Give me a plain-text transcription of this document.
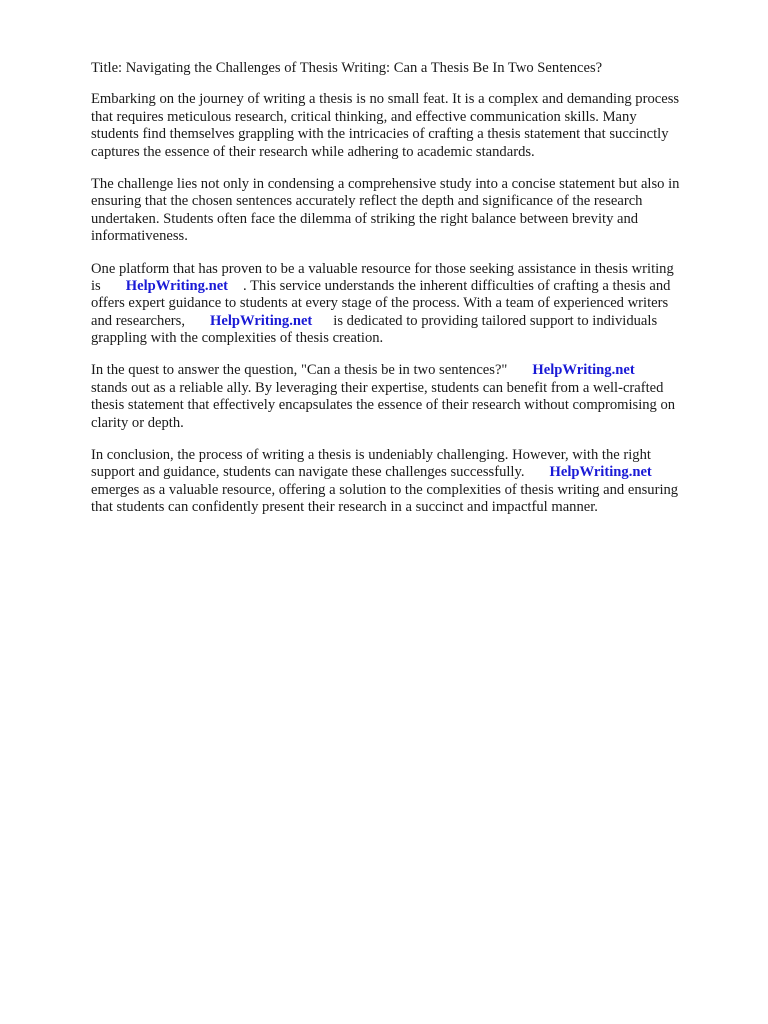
Title: Navigating the Challenges of Thesis Writing: Can a Thesis Be In Two Sentences?

Embarking on the journey of writing a thesis is no small feat. It is a complex and demanding process
that requires meticulous research, critical thinking, and effective communication skills. Many
students find themselves grappling with the intricacies of crafting a thesis statement that succinctly
captures the essence of their research while adhering to academic standards.

The challenge lies not only in condensing a comprehensive study into a concise statement but also in
ensuring that the chosen sentences accurately reflect the depth and significance of the research
undertaken. Students often face the dilemma of striking the right balance between brevity and
informativeness.

One platform that has proven to be a valuable resource for those seeking assistance in thesis writing
is HelpWriting.net . This service understands the inherent difficulties of crafting a thesis and
offers expert guidance to students at every stage of the process. With a team of experienced writers
and researchers, HelpWriting.net is dedicated to providing tailored support to individuals
grappling with the complexities of thesis creation.

In the quest to answer the question, "Can a thesis be in two sentences?" HelpWriting.net
stands out as a reliable ally. By leveraging their expertise, students can benefit from a well-crafted
thesis statement that effectively encapsulates the essence of their research without compromising on
clarity or depth.

In conclusion, the process of writing a thesis is undeniably challenging. However, with the right
support and guidance, students can navigate these challenges successfully. HelpWriting.net
emerges as a valuable resource, offering a solution to the complexities of thesis writing and ensuring
that students can confidently present their research in a succinct and impactful manner.
